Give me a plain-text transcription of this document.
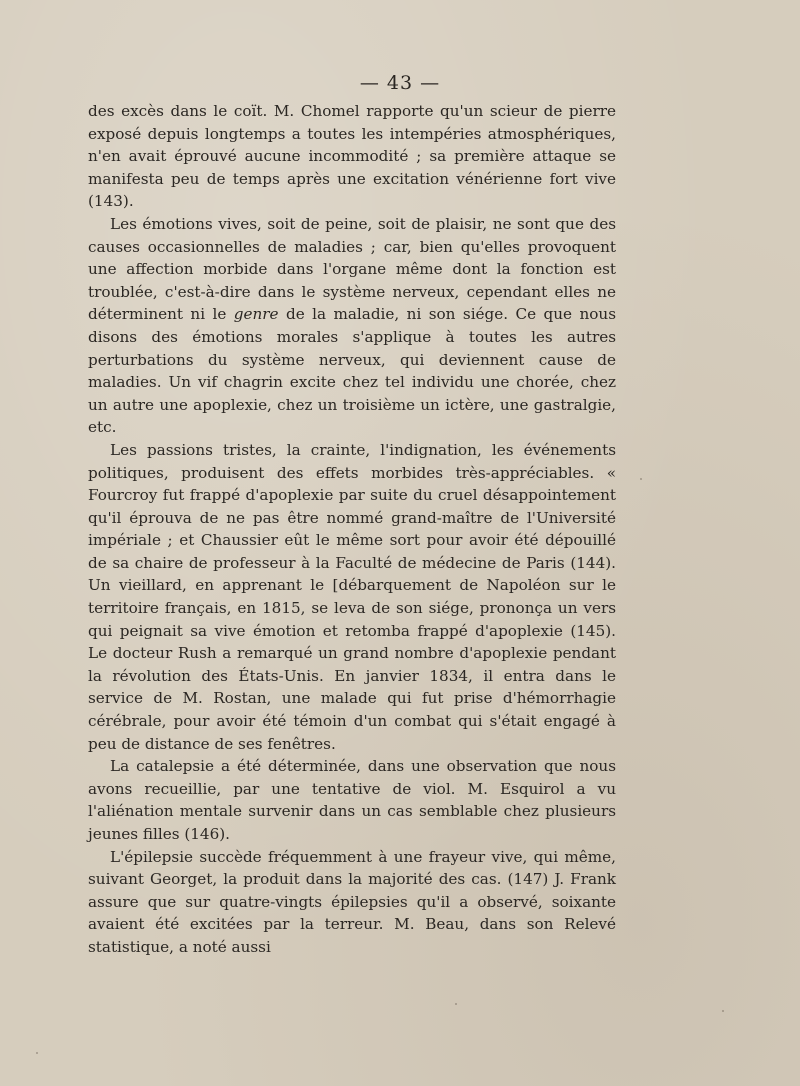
— 43 —

des excès dans le coït. M. Chomel rapporte qu'un scieur de pierre exposé depuis longtemps a toutes les intempéries atmosphériques, n'en avait éprouvé aucune incommodité ; sa première attaque se manifesta peu de temps après une excitation vénérienne fort vive (143).

Les émotions vives, soit de peine, soit de plaisir, ne sont que des causes occasionnelles de maladies ; car, bien qu'elles provoquent une affection morbide dans l'organe même dont la fonction est troublée, c'est-à-dire dans le système nerveux, cependant elles ne déterminent ni le genre de la maladie, ni son siége. Ce que nous disons des émotions morales s'applique à toutes les autres perturbations du système nerveux, qui deviennent cause de maladies. Un vif chagrin excite chez tel individu une chorée, chez un autre une apoplexie, chez un troisième un ictère, une gastralgie, etc.

Les passions tristes, la crainte, l'indignation, les événements politiques, produisent des effets morbides très-appréciables. « Fourcroy fut frappé d'apoplexie par suite du cruel désappointement qu'il éprouva de ne pas être nommé grand-maître de l'Université impériale ; et Chaussier eût le même sort pour avoir été dépouillé de sa chaire de professeur à la Faculté de médecine de Paris (144). Un vieillard, en apprenant le [débarquement de Napoléon sur le territoire français, en 1815, se leva de son siége, prononça un vers qui peignait sa vive émotion et retomba frappé d'apoplexie (145). Le docteur Rush a remarqué un grand nombre d'apoplexie pendant la révolution des États-Unis. En janvier 1834, il entra dans le service de M. Rostan, une malade qui fut prise d'hémorrhagie cérébrale, pour avoir été témoin d'un combat qui s'était engagé à peu de distance de ses fenêtres.

La catalepsie a été déterminée, dans une observation que nous avons recueillie, par une tentative de viol. M. Esquirol a vu l'aliénation mentale survenir dans un cas semblable chez plusieurs jeunes filles (146).

L'épilepsie succède fréquemment à une frayeur vive, qui même, suivant Georget, la produit dans la majorité des cas. (147) J. Frank assure que sur quatre-vingts épilepsies qu'il a observé, soixante avaient été excitées par la terreur. M. Beau, dans son Relevé statistique, a noté aussi
